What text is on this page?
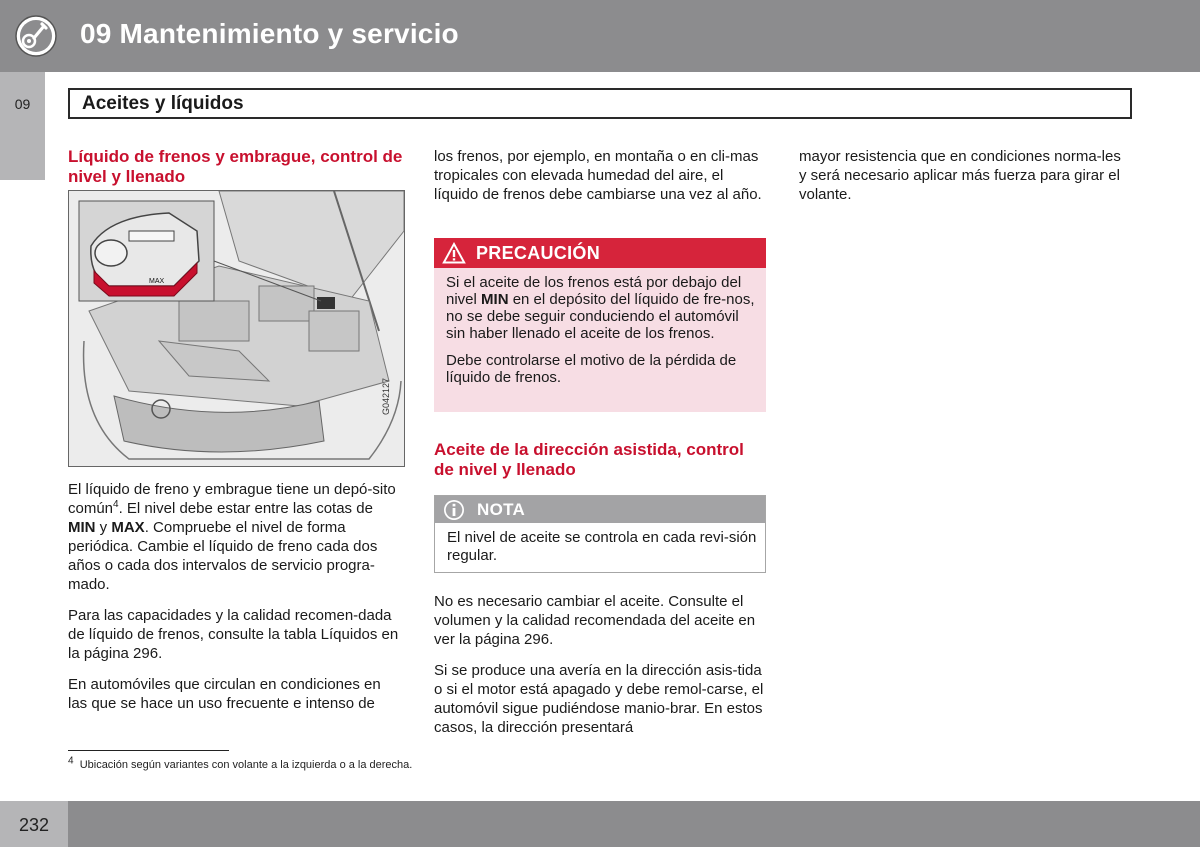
09 Mantenimiento y servicio
09	Aceites y líquidos
Líquido de frenos y embrague, control de nivel y llenado
MAX
G042127

El líquido de freno y embrague tiene un depó-sito común$^4$. El nivel debe estar entre las cotas de MIN y MAX. Compruebe el nivel de forma periódica. Cambie el líquido de freno cada dos años o cada dos intervalos de servicio progra-mado.

Para las capacidades y la calidad recomen-dada de líquido de frenos, consulte la tabla Líquidos en la página 296.

En automóviles que circulan en condiciones en las que se hace un uso frecuente e intenso de

los frenos, por ejemplo, en montaña o en cli-mas tropicales con elevada humedad del aire, el líquido de frenos debe cambiarse una vez al año.

PRECAUCIÓN

Si el aceite de los frenos está por debajo del nivel MIN en el depósito del líquido de fre-nos, no se debe seguir conduciendo el automóvil sin haber llenado el aceite de los frenos.

Debe controlarse el motivo de la pérdida de líquido de frenos.

Aceite de la dirección asistida, control de nivel y llenado
NOTA
El nivel de aceite se controla en cada revi-sión regular.

No es necesario cambiar el aceite. Consulte el volumen y la calidad recomendada del aceite en ver la página 296.

Si se produce una avería en la dirección asis-tida o si el motor está apagado y debe remol-carse, el automóvil sigue pudiéndose manio-brar. En estos casos, la dirección presentará

mayor resistencia que en condiciones norma-les y será necesario aplicar más fuerza para girar el volante.

$^4$ Ubicación según variantes con volante a la izquierda o a la derecha.
232
